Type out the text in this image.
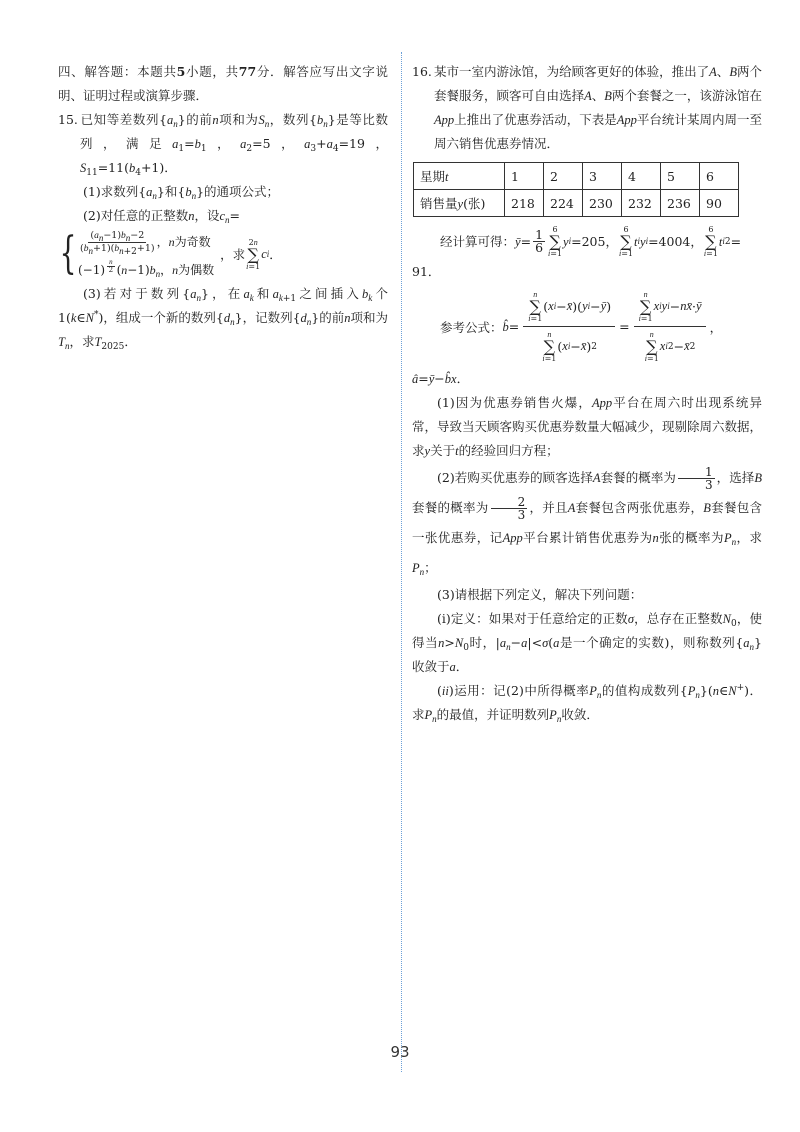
四、解答题：本题共5小题，共77分．解答应写出文字说明、证明过程或演算步骤．

15. 已知等差数列$\{a_n\}$的前n项和为$S_n$，数列$\{b_n\}$是等比数列，满足$a_1=b_1$，$a_2=5$，$a_3+a_4=19$，$S_{11}=11(b_4+1)$．

(1)求数列$\{a_n\}$和$\{b_n\}$的通项公式；

(2)对任意的正整数n，设$c_n=$

{ $\frac{(a_n-1)b_n-2}{(b_n+1)(b_{n+2}+1)}$ ，n为奇数
(−1) $^{\frac{n}{2}}$ $(n-1)b_n$，n为偶数
，求
2n
∑
i=1
c i ．
(3)若对于数列$\{a_n\}$，在$a_k$和$a_{k+1}$之间插入$b_k$个1(k∈N*)，组成一个新的数列$\{d_n\}$，记数列$\{d_n\}$的前n项和为$T_n$，求$T_{2025}$．
16. 某市一室内游泳馆，为给顾客更好的体验，推出了A、B两个套餐服务，顾客可自由选择A、B两个套餐之一，该游泳馆在App上推出了优惠券活动，下表是App平台统计某周内周一至周六销售优惠券情况．
星期t	1	2	3	4	5	6
销售量y(张)	218	224	230	232	236	90
经计算可得： ȳ= $\frac{1}{6} 6$
∑
i=1
y i =205，
6
∑
i=1
t i y i =4004，
6
∑
i=1
t i 2 =

91．

参考公式： b̂= n
∑
i=1
( x i − x̄ )( y i − ȳ )
n
∑
i=1
( x i − x̄ ) 2 =
n
∑
i=1
x i y i − nx̄ · ȳ
n
∑
i=1
x i 2 − x̄ 2
，

â=ȳ−b̂x．

(1)因为优惠券销售火爆，App平台在周六时出现系统异常，导致当天顾客购买优惠券数量大幅减少，现剔除周六数据，求y关于t的经验回归方程；

(2)若购买优惠券的顾客选择A套餐的概率为 $\frac{1}{3}$ ，选择B套餐的概率为 $\frac{2}{3}$ ，并且A套餐包含两张优惠券，B套餐包含一张优惠券，记App平台累计销售优惠券为n张的概率为$P_n$，求$P_n$；

(3)请根据下列定义，解决下列问题：

(i)定义：如果对于任意给定的正数σ，总存在正整数$N_0$，使得当$n>N_0$时，$|a_n-a|<\sigma(a$是一个确定的实数)，则称数列$\{a_n\}$收敛于a．

(ii)运用：记(2)中所得概率$P_n$的值构成数列$\{P_n\}(n\in N^+)$．求$P_n$的最值，并证明数列$P_n$收敛．

93
